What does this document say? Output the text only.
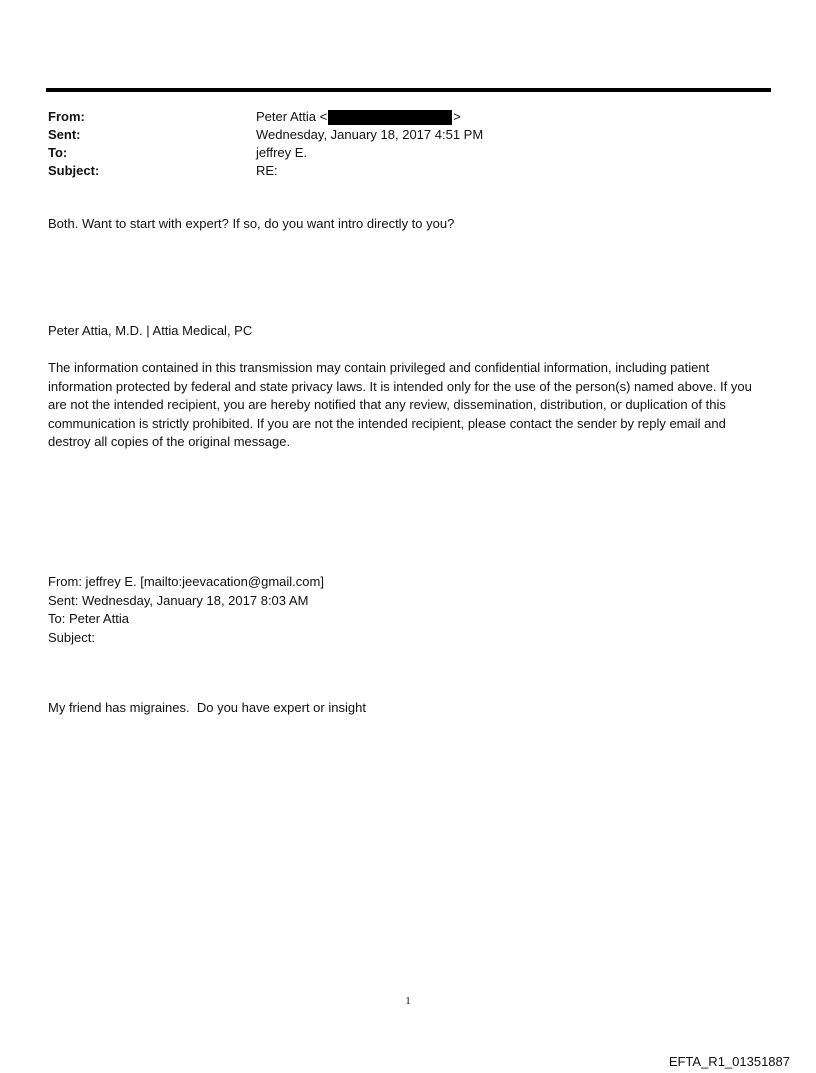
From:	Peter Attia <	>
Sent:	Wednesday, January 18, 2017 4:51 PM
To:	jeffrey E.
Subject:	RE:
Both. Want to start with expert? If so, do you want intro directly to you?
Peter Attia, M.D. | Attia Medical, PC
The information contained in this transmission may contain privileged and confidential information, including patient information protected by federal and state privacy laws. It is intended only for the use of the person(s) named above. If you are not the intended recipient, you are hereby notified that any review, dissemination, distribution, or duplication of this communication is strictly prohibited. If you are not the intended recipient, please contact the sender by reply email and destroy all copies of the original message.
From: jeffrey E. [mailto:jeevacation@gmail.com]
Sent: Wednesday, January 18, 2017 8:03 AM
To: Peter Attia
Subject:
My friend has migraines.  Do you have expert or insight
1
EFTA_R1_01351887
